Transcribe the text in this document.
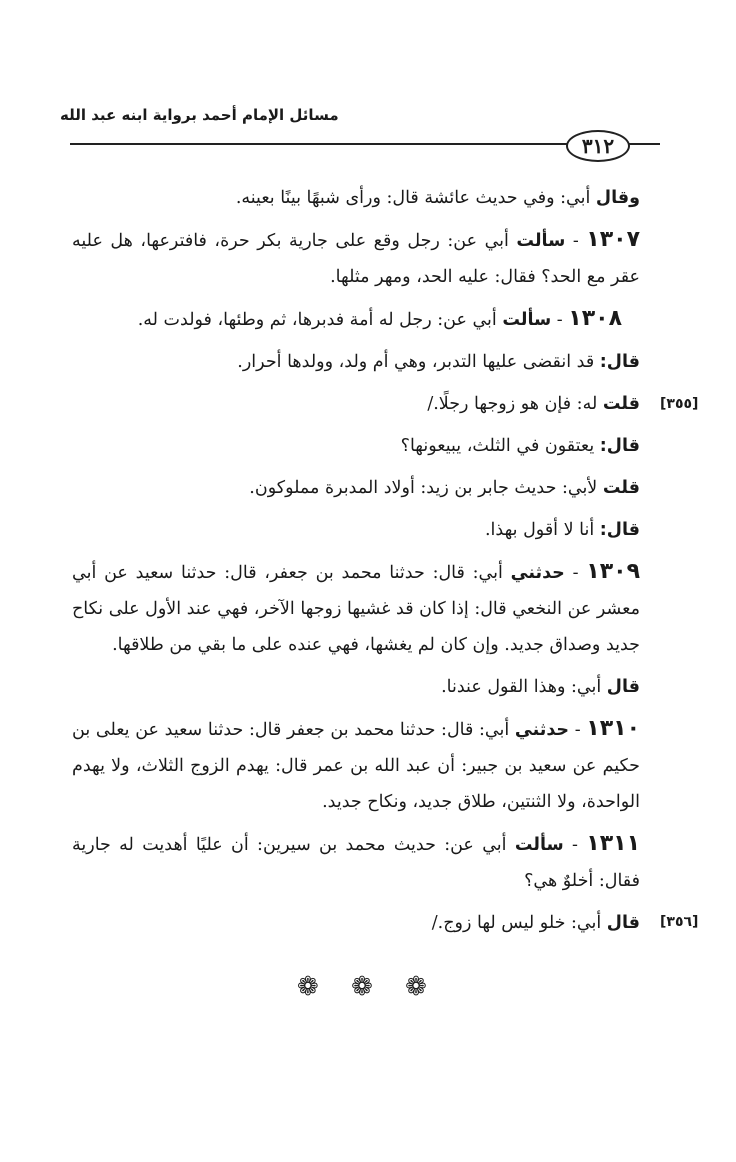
مسائل الإمام أحمد برواية ابنه عبد الله
٣١٢

وقال أبي: وفي حديث عائشة قال: ورأى شبهًا بينًا بعينه.

١٣٠٧ - سألت أبي عن: رجل وقع على جارية بكر حرة، فافترعها، هل عليه عقر مع الحد؟ فقال: عليه الحد، ومهر مثلها.

١٣٠٨ - سألت أبي عن: رجل له أمة فدبرها، ثم وطئها، فولدت له.

قال: قد انقضى عليها التدبر، وهي أم ولد، وولدها أحرار.

قلت له: فإن هو زوجها رجلًا./

قال: يعتقون في الثلث، يبيعونها؟

قلت لأبي: حديث جابر بن زيد: أولاد المدبرة مملوكون.

قال: أنا لا أقول بهذا.

١٣٠٩ - حدثني أبي: قال: حدثنا محمد بن جعفر، قال: حدثنا سعيد عن أبي معشر عن النخعي قال: إذا كان قد غشيها زوجها الآخر، فهي عند الأول على نكاح جديد وصداق جديد. وإن كان لم يغشها، فهي عنده على ما بقي من طلاقها.

قال أبي: وهذا القول عندنا.

١٣١٠ - حدثني أبي: قال: حدثنا محمد بن جعفر قال: حدثنا سعيد عن يعلى بن حكيم عن سعيد بن جبير: أن عبد الله بن عمر قال: يهدم الزوج الثلاث، ولا يهدم الواحدة، ولا الثنتين، طلاق جديد، ونكاح جديد.

١٣١١ - سألت أبي عن: حديث محمد بن سيرين: أن عليًا أهديت له جارية فقال: أخلوٌ هي؟

قال أبي: خلو ليس لها زوج./

[٣٥٥]
[٣٥٦]
❁ ❁ ❁
